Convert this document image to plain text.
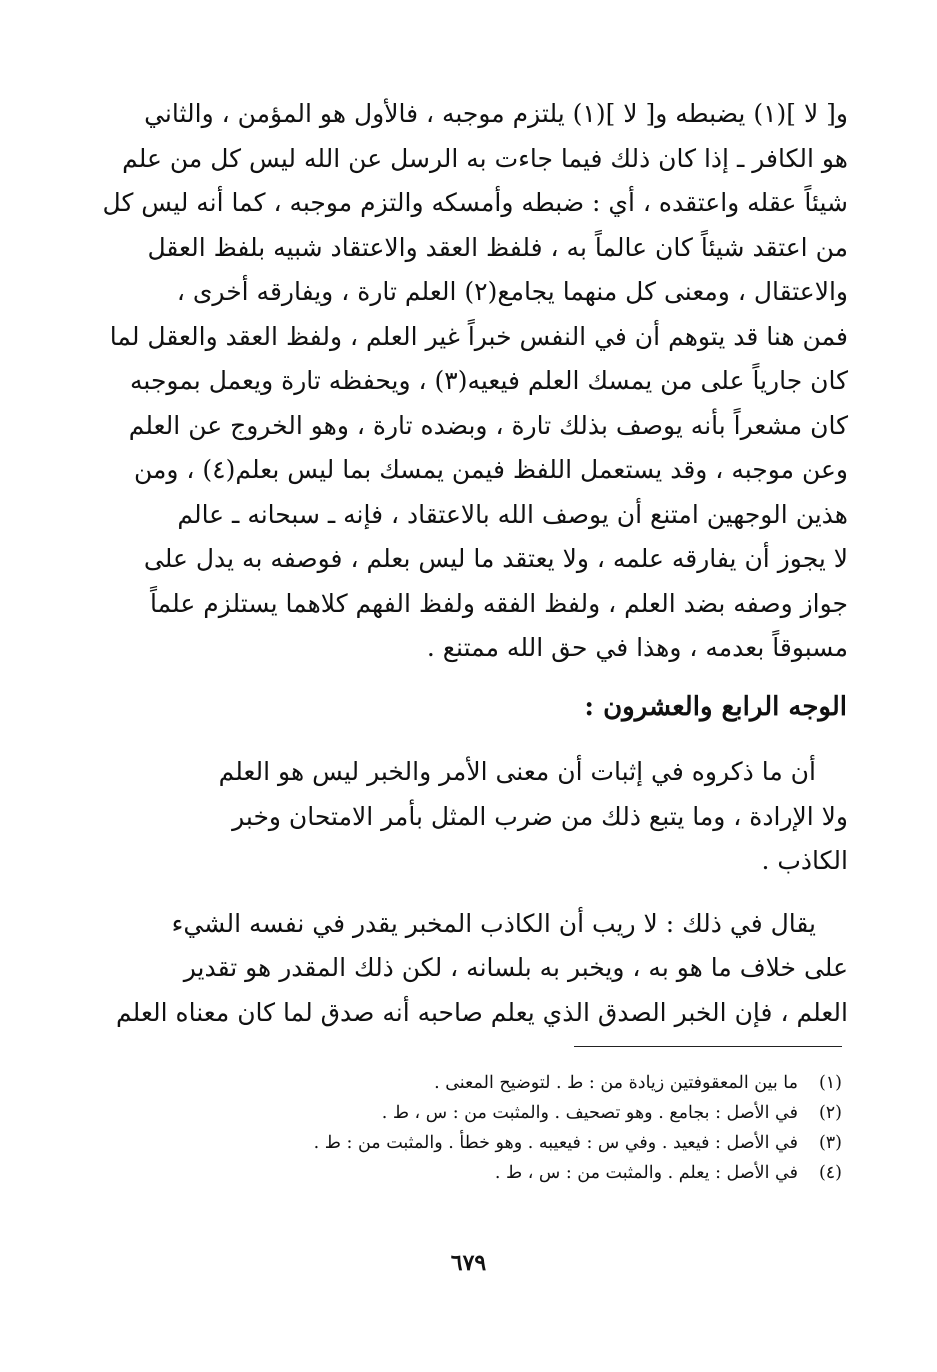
و[ لا ](١) يضبطه و[ لا ](١) يلتزم موجبه ، فالأول هو المؤمن ، والثاني
هو الكافر ـ إذا كان ذلك فيما جاءت به الرسل عن الله ليس كل من علم
شيئاً عقله واعتقده ، أي : ضبطه وأمسكه والتزم موجبه ، كما أنه ليس كل
من اعتقد شيئاً كان عالماً به ، فلفظ العقد والاعتقاد شبيه بلفظ العقل
والاعتقال ، ومعنى كل منهما يجامع(٢) العلم تارة ، ويفارقه أخرى ،
فمن هنا قد يتوهم أن في النفس خبراً غير العلم ، ولفظ العقد والعقل لما
كان جارياً على من يمسك العلم فيعيه(٣) ، ويحفظه تارة ويعمل بموجبه
كان مشعراً بأنه يوصف بذلك تارة ، وبضده تارة ، وهو الخروج عن العلم
وعن موجبه ، وقد يستعمل اللفظ فيمن يمسك بما ليس بعلم(٤) ، ومن
هذين الوجهين امتنع أن يوصف الله بالاعتقاد ، فإنه ـ سبحانه ـ عالم
لا يجوز أن يفارقه علمه ، ولا يعتقد ما ليس بعلم ، فوصفه به يدل على
جواز وصفه بضد العلم ، ولفظ الفقه ولفظ الفهم كلاهما يستلزم علماً
مسبوقاً بعدمه ، وهذا في حق الله ممتنع .
الوجه الرابع والعشرون :
أن ما ذكروه في إثبات أن معنى الأمر والخبر ليس هو العلم
ولا الإرادة ، وما يتبع ذلك من ضرب المثل بأمر الامتحان وخبر
الكاذب .
يقال في ذلك : لا ريب أن الكاذب المخبر يقدر في نفسه الشيء
على خلاف ما هو به ، ويخبر به بلسانه ، لكن ذلك المقدر هو تقدير
العلم ، فإن الخبر الصدق الذي يعلم صاحبه أنه صدق لما كان معناه العلم
(١)ما بين المعقوفتين زيادة من : ط . لتوضيح المعنى .
(٢)في الأصل : بجامع . وهو تصحيف . والمثبت من : س ، ط .
(٣)في الأصل : فيعيد . وفي س : فيعيبه . وهو خطأ . والمثبت من : ط .
(٤)في الأصل : يعلم . والمثبت من : س ، ط .
٦٧٩
